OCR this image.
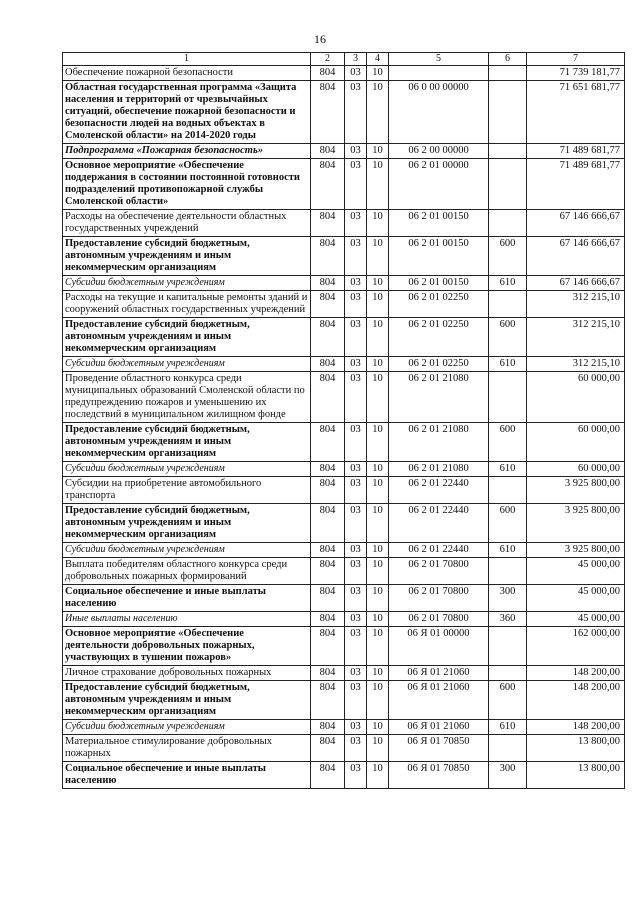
16
1	2	3	4	5	6	7
Обеспечение пожарной безопасности	804	03	10			71 739 181,77
Областная государственная программа «Защита населения и территорий от чрезвычайных ситуаций, обеспечение пожарной безопасности и безопасности людей на водных объектах в Смоленской области» на 2014-2020 годы	804	03	10	06 0 00 00000		71 651 681,77
Подпрограмма «Пожарная безопасность»	804	03	10	06 2 00 00000		71 489 681,77
Основное мероприятие «Обеспечение поддержания в состоянии постоянной готовности подразделений противопожарной службы Смоленской области»	804	03	10	06 2 01 00000		71 489 681,77
Расходы на обеспечение деятельности областных государственных учреждений	804	03	10	06 2 01 00150		67 146 666,67
Предоставление субсидий бюджетным, автономным учреждениям и иным некоммерческим организациям	804	03	10	06 2 01 00150	600	67 146 666,67
Субсидии бюджетным учреждениям	804	03	10	06 2 01 00150	610	67 146 666,67
Расходы на текущие и капитальные ремонты зданий и сооружений областных государственных учреждений	804	03	10	06 2 01 02250		312 215,10
Предоставление субсидий бюджетным, автономным учреждениям и иным некоммерческим организациям	804	03	10	06 2 01 02250	600	312 215,10
Субсидии бюджетным учреждениям	804	03	10	06 2 01 02250	610	312 215,10
Проведение областного конкурса среди муниципальных образований Смоленской области по предупреждению пожаров и уменьшению их последствий в муниципальном жилищном фонде	804	03	10	06 2 01 21080		60 000,00
Предоставление субсидий бюджетным, автономным учреждениям и иным некоммерческим организациям	804	03	10	06 2 01 21080	600	60 000,00
Субсидии бюджетным учреждениям	804	03	10	06 2 01 21080	610	60 000,00
Субсидии на приобретение автомобильного транспорта	804	03	10	06 2 01 22440		3 925 800,00
Предоставление субсидий бюджетным, автономным учреждениям и иным некоммерческим организациям	804	03	10	06 2 01 22440	600	3 925 800,00
Субсидии бюджетным учреждениям	804	03	10	06 2 01 22440	610	3 925 800,00
Выплата победителям областного конкурса среди добровольных пожарных формирований	804	03	10	06 2 01 70800		45 000,00
Социальное обеспечение и иные выплаты населению	804	03	10	06 2 01 70800	300	45 000,00
Иные выплаты населению	804	03	10	06 2 01 70800	360	45 000,00
Основное мероприятие «Обеспечение деятельности добровольных пожарных, участвующих в тушении пожаров»	804	03	10	06 Я 01 00000		162 000,00
Личное страхование добровольных пожарных	804	03	10	06 Я 01 21060		148 200,00
Предоставление субсидий бюджетным, автономным учреждениям и иным некоммерческим организациям	804	03	10	06 Я 01 21060	600	148 200,00
Субсидии бюджетным учреждениям	804	03	10	06 Я 01 21060	610	148 200,00
Материальное стимулирование добровольных пожарных	804	03	10	06 Я 01 70850		13 800,00
Социальное обеспечение и иные выплаты населению	804	03	10	06 Я 01 70850	300	13 800,00
